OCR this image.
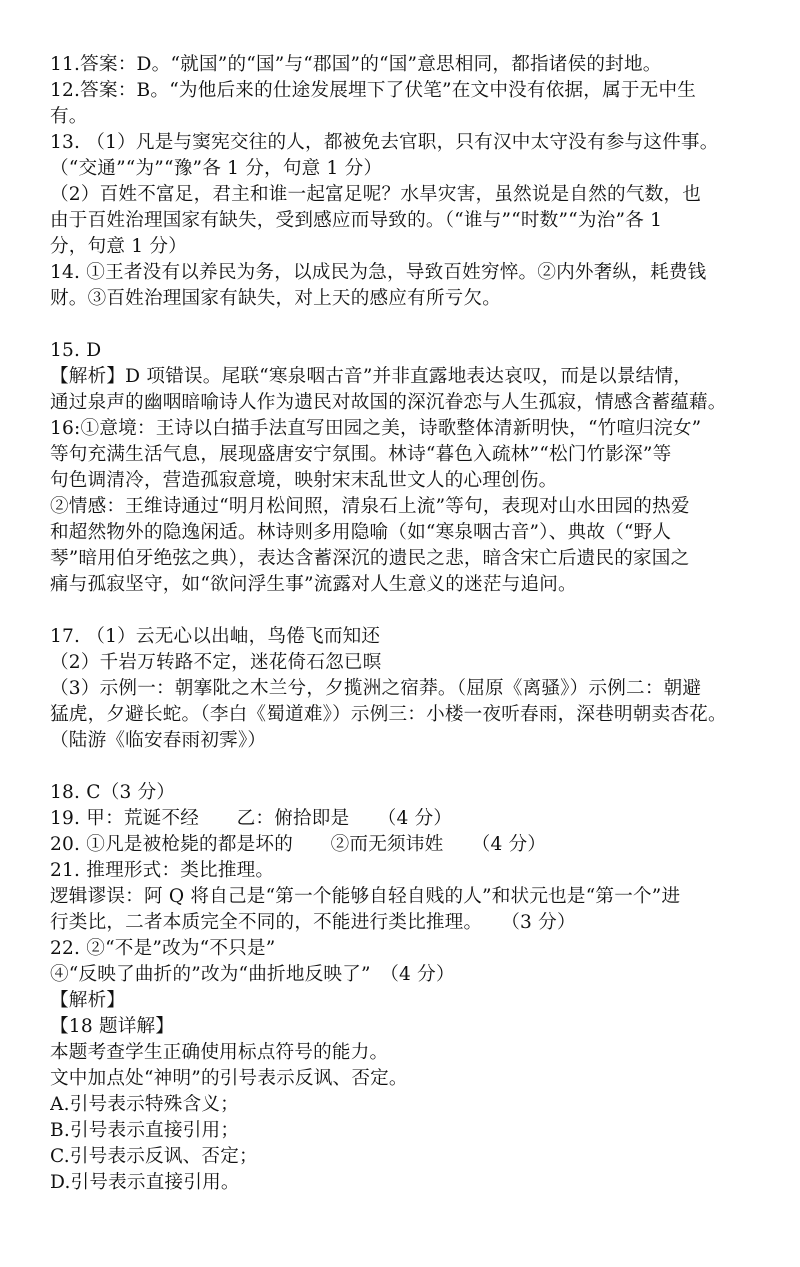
11.答案：D。“就国”的“国”与“郡国”的“国”意思相同，都指诸侯的封地。
12.答案：B。“为他后来的仕途发展埋下了伏笔”在文中没有依据，属于无中生
有。
13. （1）凡是与窦宪交往的人，都被免去官职，只有汉中太守没有参与这件事。
（“交通”“为”“豫”各 1 分，句意 1 分）
（2）百姓不富足，君主和谁一起富足呢？水旱灾害，虽然说是自然的气数，也
由于百姓治理国家有缺失，受到感应而导致的。（“谁与”“时数”“为治”各 1
分，句意 1 分）
14. ①王者没有以养民为务，以成民为急，导致百姓穷悴。②内外奢纵，耗费钱
财。③百姓治理国家有缺失，对上天的感应有所亏欠。
15. D
【解析】D 项错误。尾联“寒泉咽古音”并非直露地表达哀叹，而是以景结情，
通过泉声的幽咽暗喻诗人作为遗民对故国的深沉眷恋与人生孤寂，情感含蓄蕴藉。
16:①意境：王诗以白描手法直写田园之美，诗歌整体清新明快，“竹喧归浣女”
等句充满生活气息，展现盛唐安宁氛围。林诗“暮色入疏林”“松门竹影深”等
句色调清冷，营造孤寂意境，映射宋末乱世文人的心理创伤。
②情感：王维诗通过“明月松间照，清泉石上流”等句，表现对山水田园的热爱
和超然物外的隐逸闲适。林诗则多用隐喻（如“寒泉咽古音”）、典故（“野人
琴”暗用伯牙绝弦之典），表达含蓄深沉的遗民之悲，暗含宋亡后遗民的家国之
痛与孤寂坚守，如“欲问浮生事”流露对人生意义的迷茫与追问。
17. （1）云无心以出岫，鸟倦飞而知还
（2）千岩万转路不定，迷花倚石忽已暝
（3）示例一：朝搴阰之木兰兮，夕揽洲之宿莽。（屈原《离骚》）示例二：朝避
猛虎，夕避长蛇。（李白《蜀道难》）示例三：小楼一夜听春雨，深巷明朝卖杏花。
（陆游《临安春雨初霁》）
18. C（3 分）
19. 甲：荒诞不经　　乙：俯拾即是　　（4 分）
20. ①凡是被枪毙的都是坏的　　②而无须讳姓　　（4 分）
21. 推理形式：类比推理。
逻辑谬误：阿 Q 将自己是“第一个能够自轻自贱的人”和状元也是“第一个”进
行类比，二者本质完全不同的，不能进行类比推理。　　（3 分）
22. ②“不是”改为“不只是”
④“反映了曲折的”改为“曲折地反映了”　（4 分）
【解析】
【18 题详解】
本题考查学生正确使用标点符号的能力。
文中加点处“神明”的引号表示反讽、否定。
A.引号表示特殊含义；
B.引号表示直接引用；
C.引号表示反讽、否定；
D.引号表示直接引用。
